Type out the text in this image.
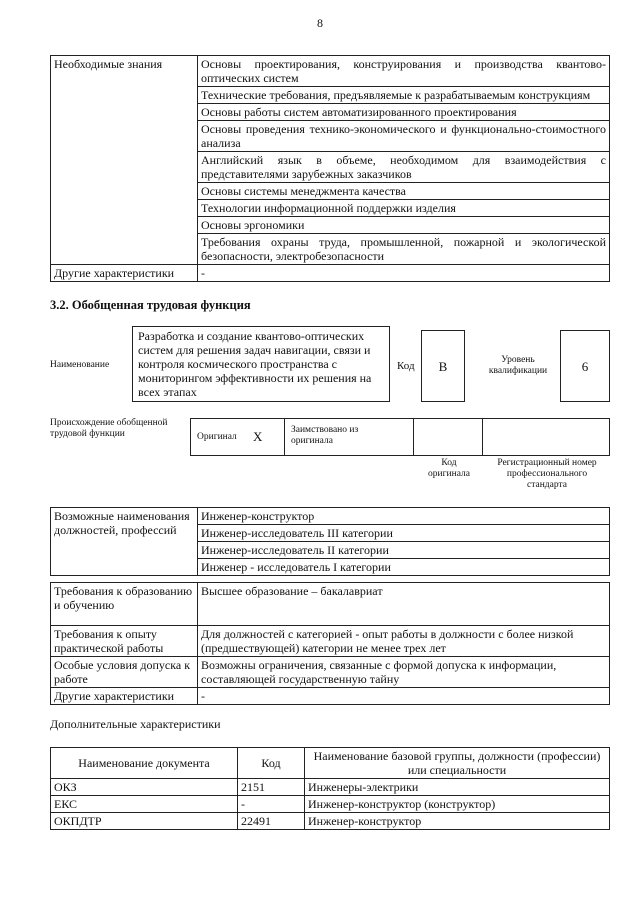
8
Необходимые знания	Основы проектирования, конструирования и производства квантово-оптических систем
	Технические требования, предъявляемые к разрабатываемым конструкциям
	Основы работы систем автоматизированного проектирования
	Основы проведения технико-экономического и функционально-стоимостного анализа
	Английский язык в объеме, необходимом для взаимодействия с представителями зарубежных заказчиков
	Основы системы менеджмента качества
	Технологии информационной поддержки изделия
	Основы эргономики
	Требования охраны труда, промышленной, пожарной и экологической безопасности, электробезопасности
Другие характеристики	-
3.2. Обобщенная трудовая функция
Наименование
Разработка и создание квантово-оптических систем для решения задач навигации, связи и контроля космического пространства с мониторингом эффективности их решения на всех этапах
Код	В	Уровень квалификации	6
Происхождение обобщенной трудовой функции	Оригинал Х	Заимствовано из оригинала
Код оригинала
Регистрационный номер профессионального стандарта
Возможные наименования должностей, профессий	Инженер-конструктор
Инженер-исследователь III категории
Инженер-исследователь II категории
Инженер - исследователь I категории
Требования к образованию и обучению	Высшее образование – бакалавриат
Требования к опыту практической работы	Для должностей с категорией - опыт работы в должности с более низкой (предшествующей) категории не менее трех лет
Особые условия допуска к работе	Возможны ограничения, связанные с формой допуска к информации, составляющей государственную тайну
Другие характеристики	-
Дополнительные характеристики
Наименование документа	Код	Наименование базовой группы, должности (профессии) или специальности
ОКЗ	2151	Инженеры-электрики
ЕКС	-	Инженер-конструктор (конструктор)
ОКПДТР	22491	Инженер-конструктор
